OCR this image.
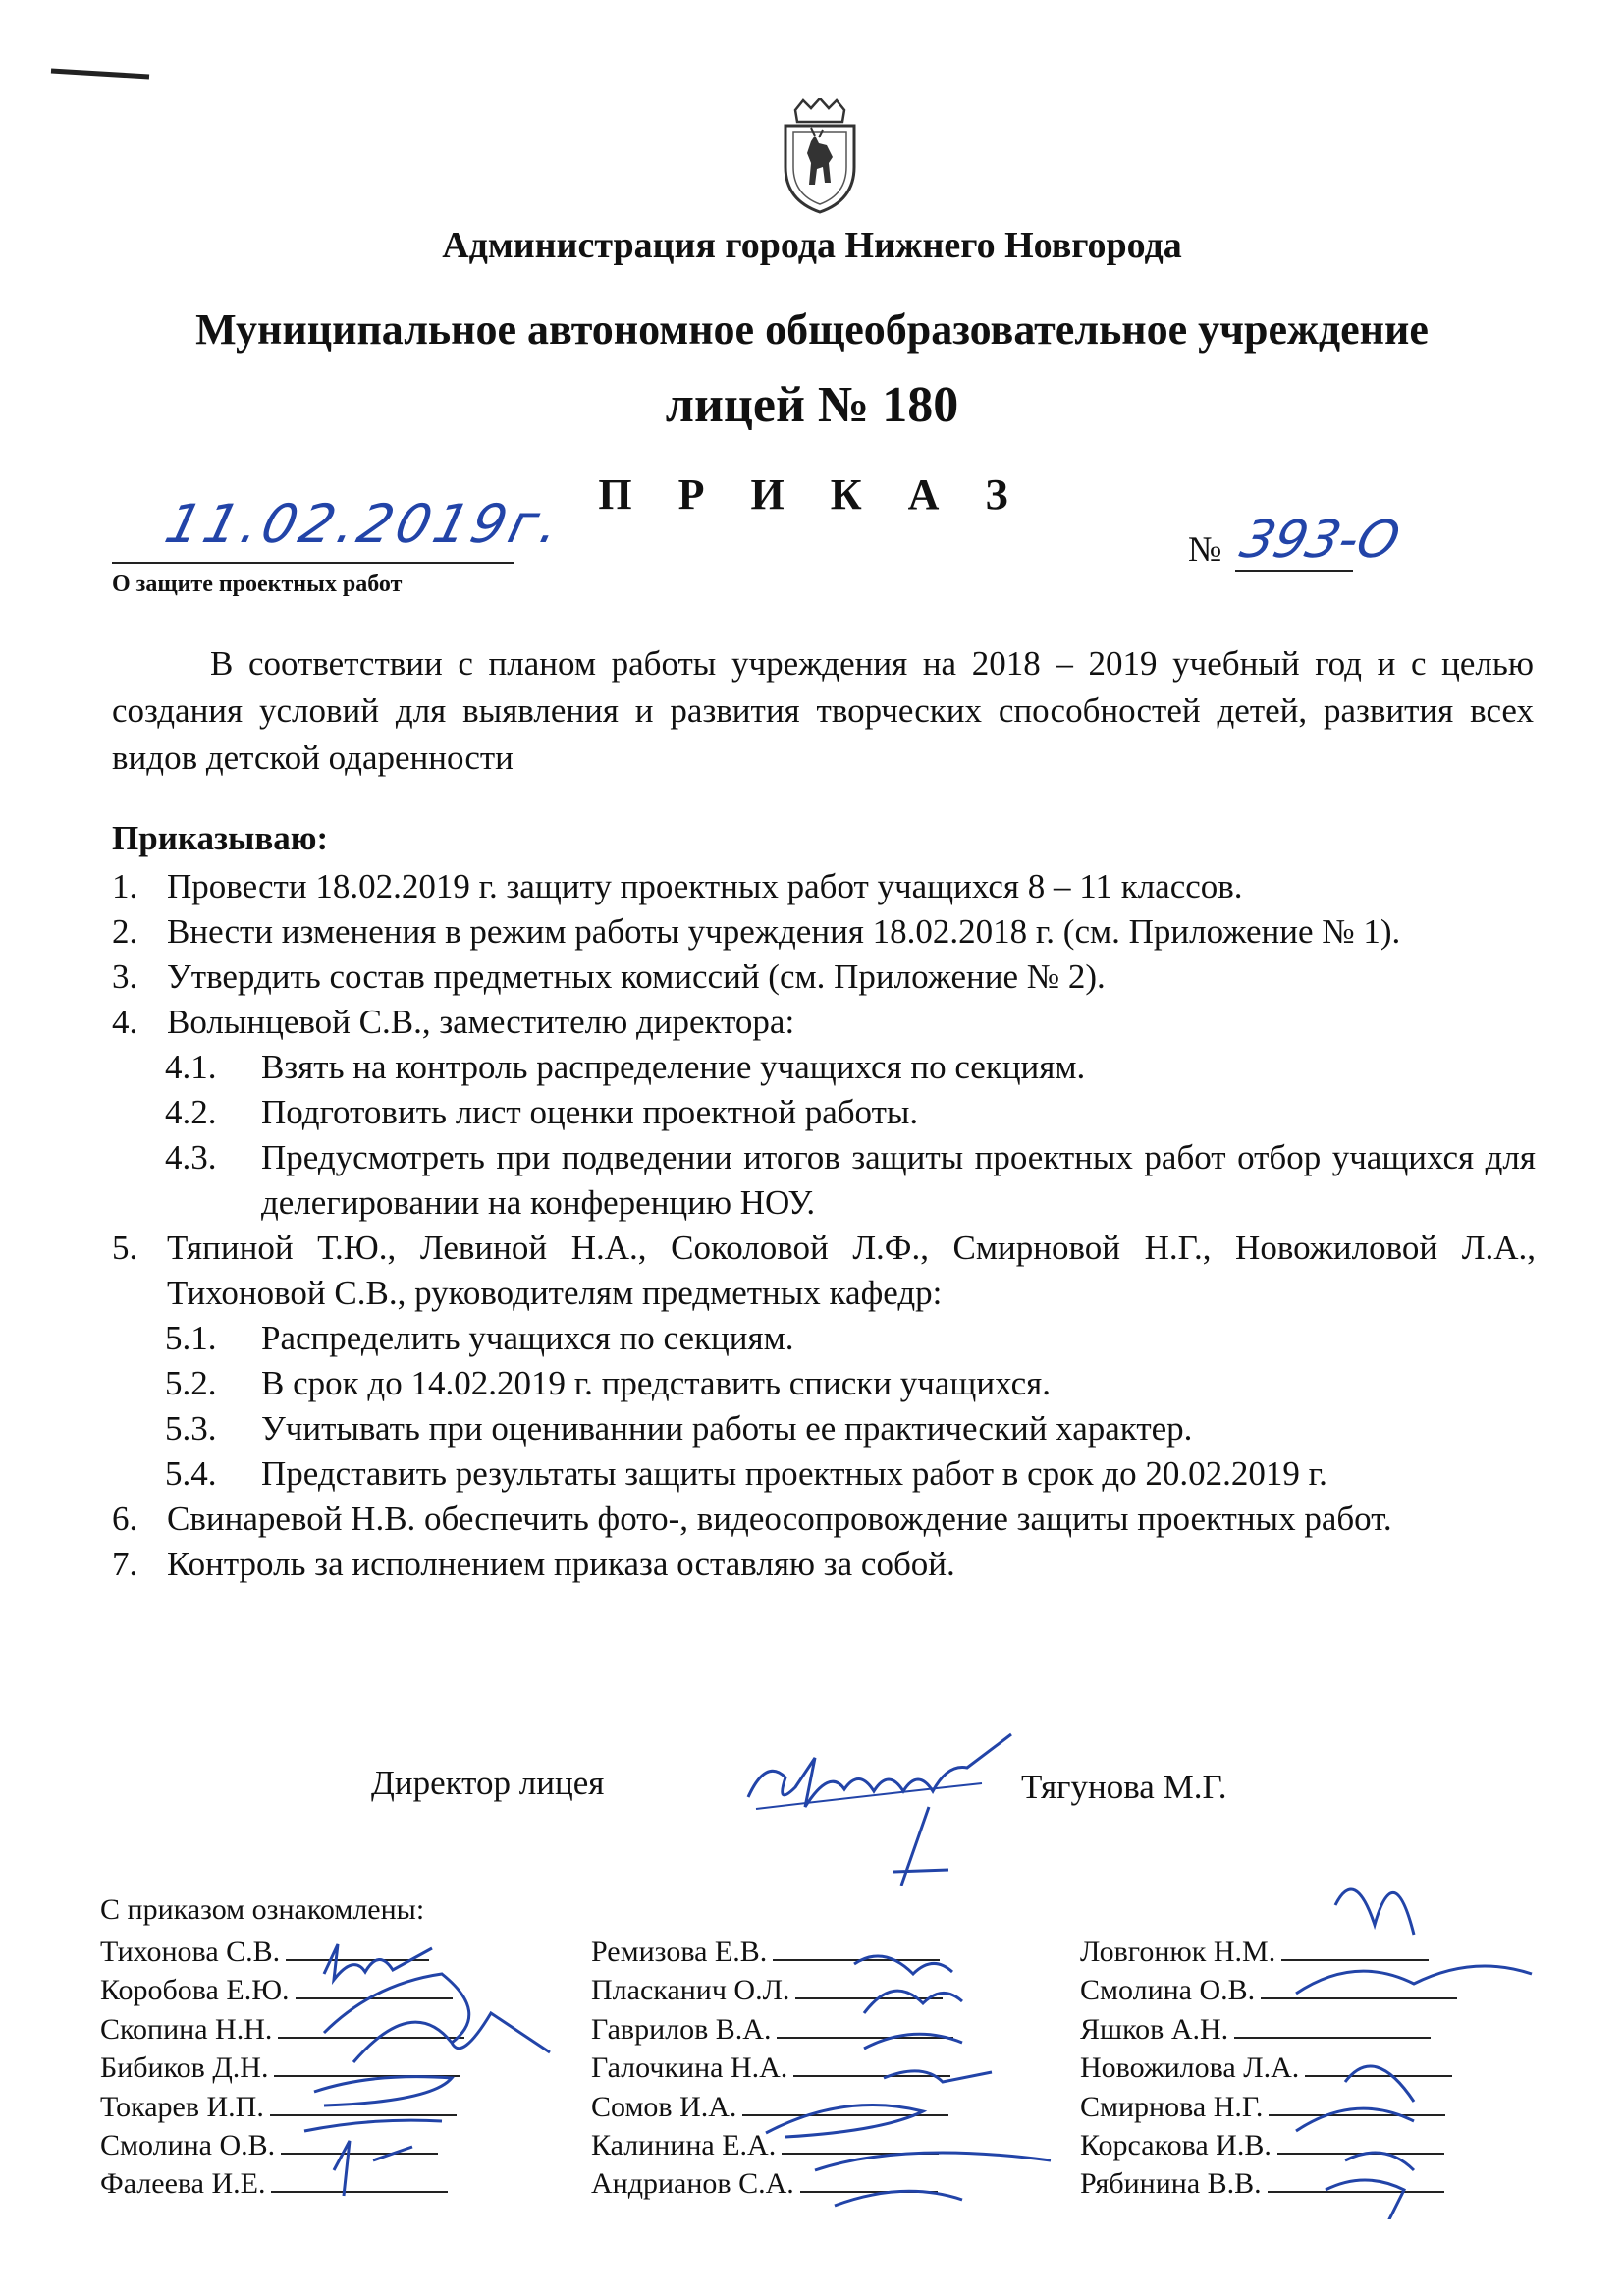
Администрация города Нижнего Новгорода
Муниципальное автономное общеобразовательное учреждение
лицей № 180
П Р И К А З
11.02.2019г.	№ 393-О
О защите проектных работ
В соответствии с планом работы учреждения на 2018 – 2019 учебный год и с целью создания условий для выявления и развития творческих способностей детей, развития всех видов детской одаренности
Приказываю:
1. Провести 18.02.2019 г. защиту проектных работ учащихся 8 – 11 классов.
2. Внести изменения в режим работы учреждения 18.02.2018 г. (см. Приложение № 1).
3. Утвердить состав предметных комиссий (см. Приложение № 2).
4. Волынцевой С.В., заместителю директора:
4.1. Взять на контроль распределение учащихся по секциям.
4.2. Подготовить лист оценки проектной работы.
4.3. Предусмотреть при подведении итогов защиты проектных работ отбор учащихся для делегировании на конференцию НОУ.
5. Тяпиной Т.Ю., Левиной Н.А., Соколовой Л.Ф., Смирновой Н.Г., Новожиловой Л.А., Тихоновой С.В., руководителям предметных кафедр:
5.1. Распределить учащихся по секциям.
5.2. В срок до 14.02.2019 г. представить списки учащихся.
5.3. Учитывать при оцениваннии работы ее практический характер.
5.4. Представить результаты защиты проектных работ в срок до 20.02.2019 г.
6. Свинаревой Н.В. обеспечить фото-, видеосопровождение защиты проектных работ.
7. Контроль за исполнением приказа оставляю за собой.
Директор лицея	Тягунова М.Г.
С приказом ознакомлены:
Тихонова С.В.
Коробова Е.Ю.
Скопина Н.Н.
Бибиков Д.Н.
Токарев И.П.
Смолина О.В.
Фалеева И.Е.
Ремизова Е.В.
Пласканич О.Л.
Гаврилов В.А.
Галочкина Н.А.
Сомов И.А.
Калинина Е.А.
Андрианов С.А.
Ловгонюк Н.М.
Смолина О.В.
Яшков А.Н.
Новожилова Л.А.
Смирнова Н.Г.
Корсакова И.В.
Рябинина В.В.
